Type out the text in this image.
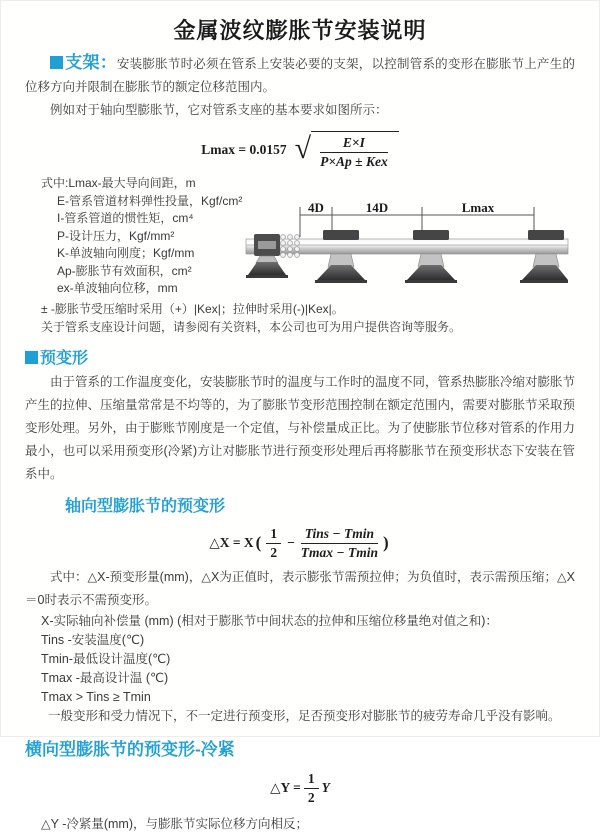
金属波纹膨胀节安装说明
支架：安装膨胀节时必须在管系上安装必要的支架，以控制管系的变形在膨胀节上产生的位移方向并限制在膨胀节的额定位移范围内。
例如对于轴向型膨胀节，它对管系支座的基本要求如图所示：
Lmax = 0.0157 √ $\frac{E\times I}{\text{P×Ap ± Kex}}$
式中:Lmax-最大导向间距，m
E-管系管道材料弹性投量，Kgf/cm²
I-管系管道的惯性矩，cm⁴
P-设计压力，Kgf/mm²
K-单波轴向刚度；Kgf/mm
Ap-膨胀节有效面积，cm²
ex-单波轴向位移，mm
4D	14D	Lmax
± -膨胀节受压缩时采用（+）|Kex|；拉伸时采用(-)|Kex|。
关于管系支座设计问题，请参阅有关资料，本公司也可为用户提供咨询等服务。
预变形
由于管系的工作温度变化，安装膨胀节时的温度与工作时的温度不同，管系热膨胀冷缩对膨胀节产生的拉伸、压缩量常常是不均等的，为了膨胀节变形范围控制在额定范围内，需要对膨胀节采取预变形处理。另外，由于膨账节刚度是一个定值，与补偿量成正比。为了使膨胀节位移对管系的作用力最小，也可以采用预变形(冷紧)方让对膨胀节进行预变形处理后再将膨胀节在预变形状态下安装在管系中。
轴向型膨胀节的预变形
△X = X ( $\frac{1}{2} - \frac{\text{Tins − Tmin}}{Tmax - Tmin}$ )
式中：△X-预变形量(mm)，△X为正值时，表示膨张节需预拉伸；为负值时，表示需预压缩；△X＝0时表示不需预变形。
X-实际轴向补偿量 (mm) (相对于膨胀节中间状态的拉伸和压缩位移量绝对值之和)：
Tins -安装温度(℃)
Tmin-最低设计温度(℃)
Tmax -最高设计温 (℃)
Tmax > Tins ≥ Tmin
一般变形和受力情况下，不一定进行预变形，足否预变形对膨胀节的疲劳寿命几乎没有影响。
横向型膨胀节的预变形-冷紧
△Y = $\frac{1}{2}$ Y
△Y -冷紧量(mm)，与膨胀节实际位移方向相反；
